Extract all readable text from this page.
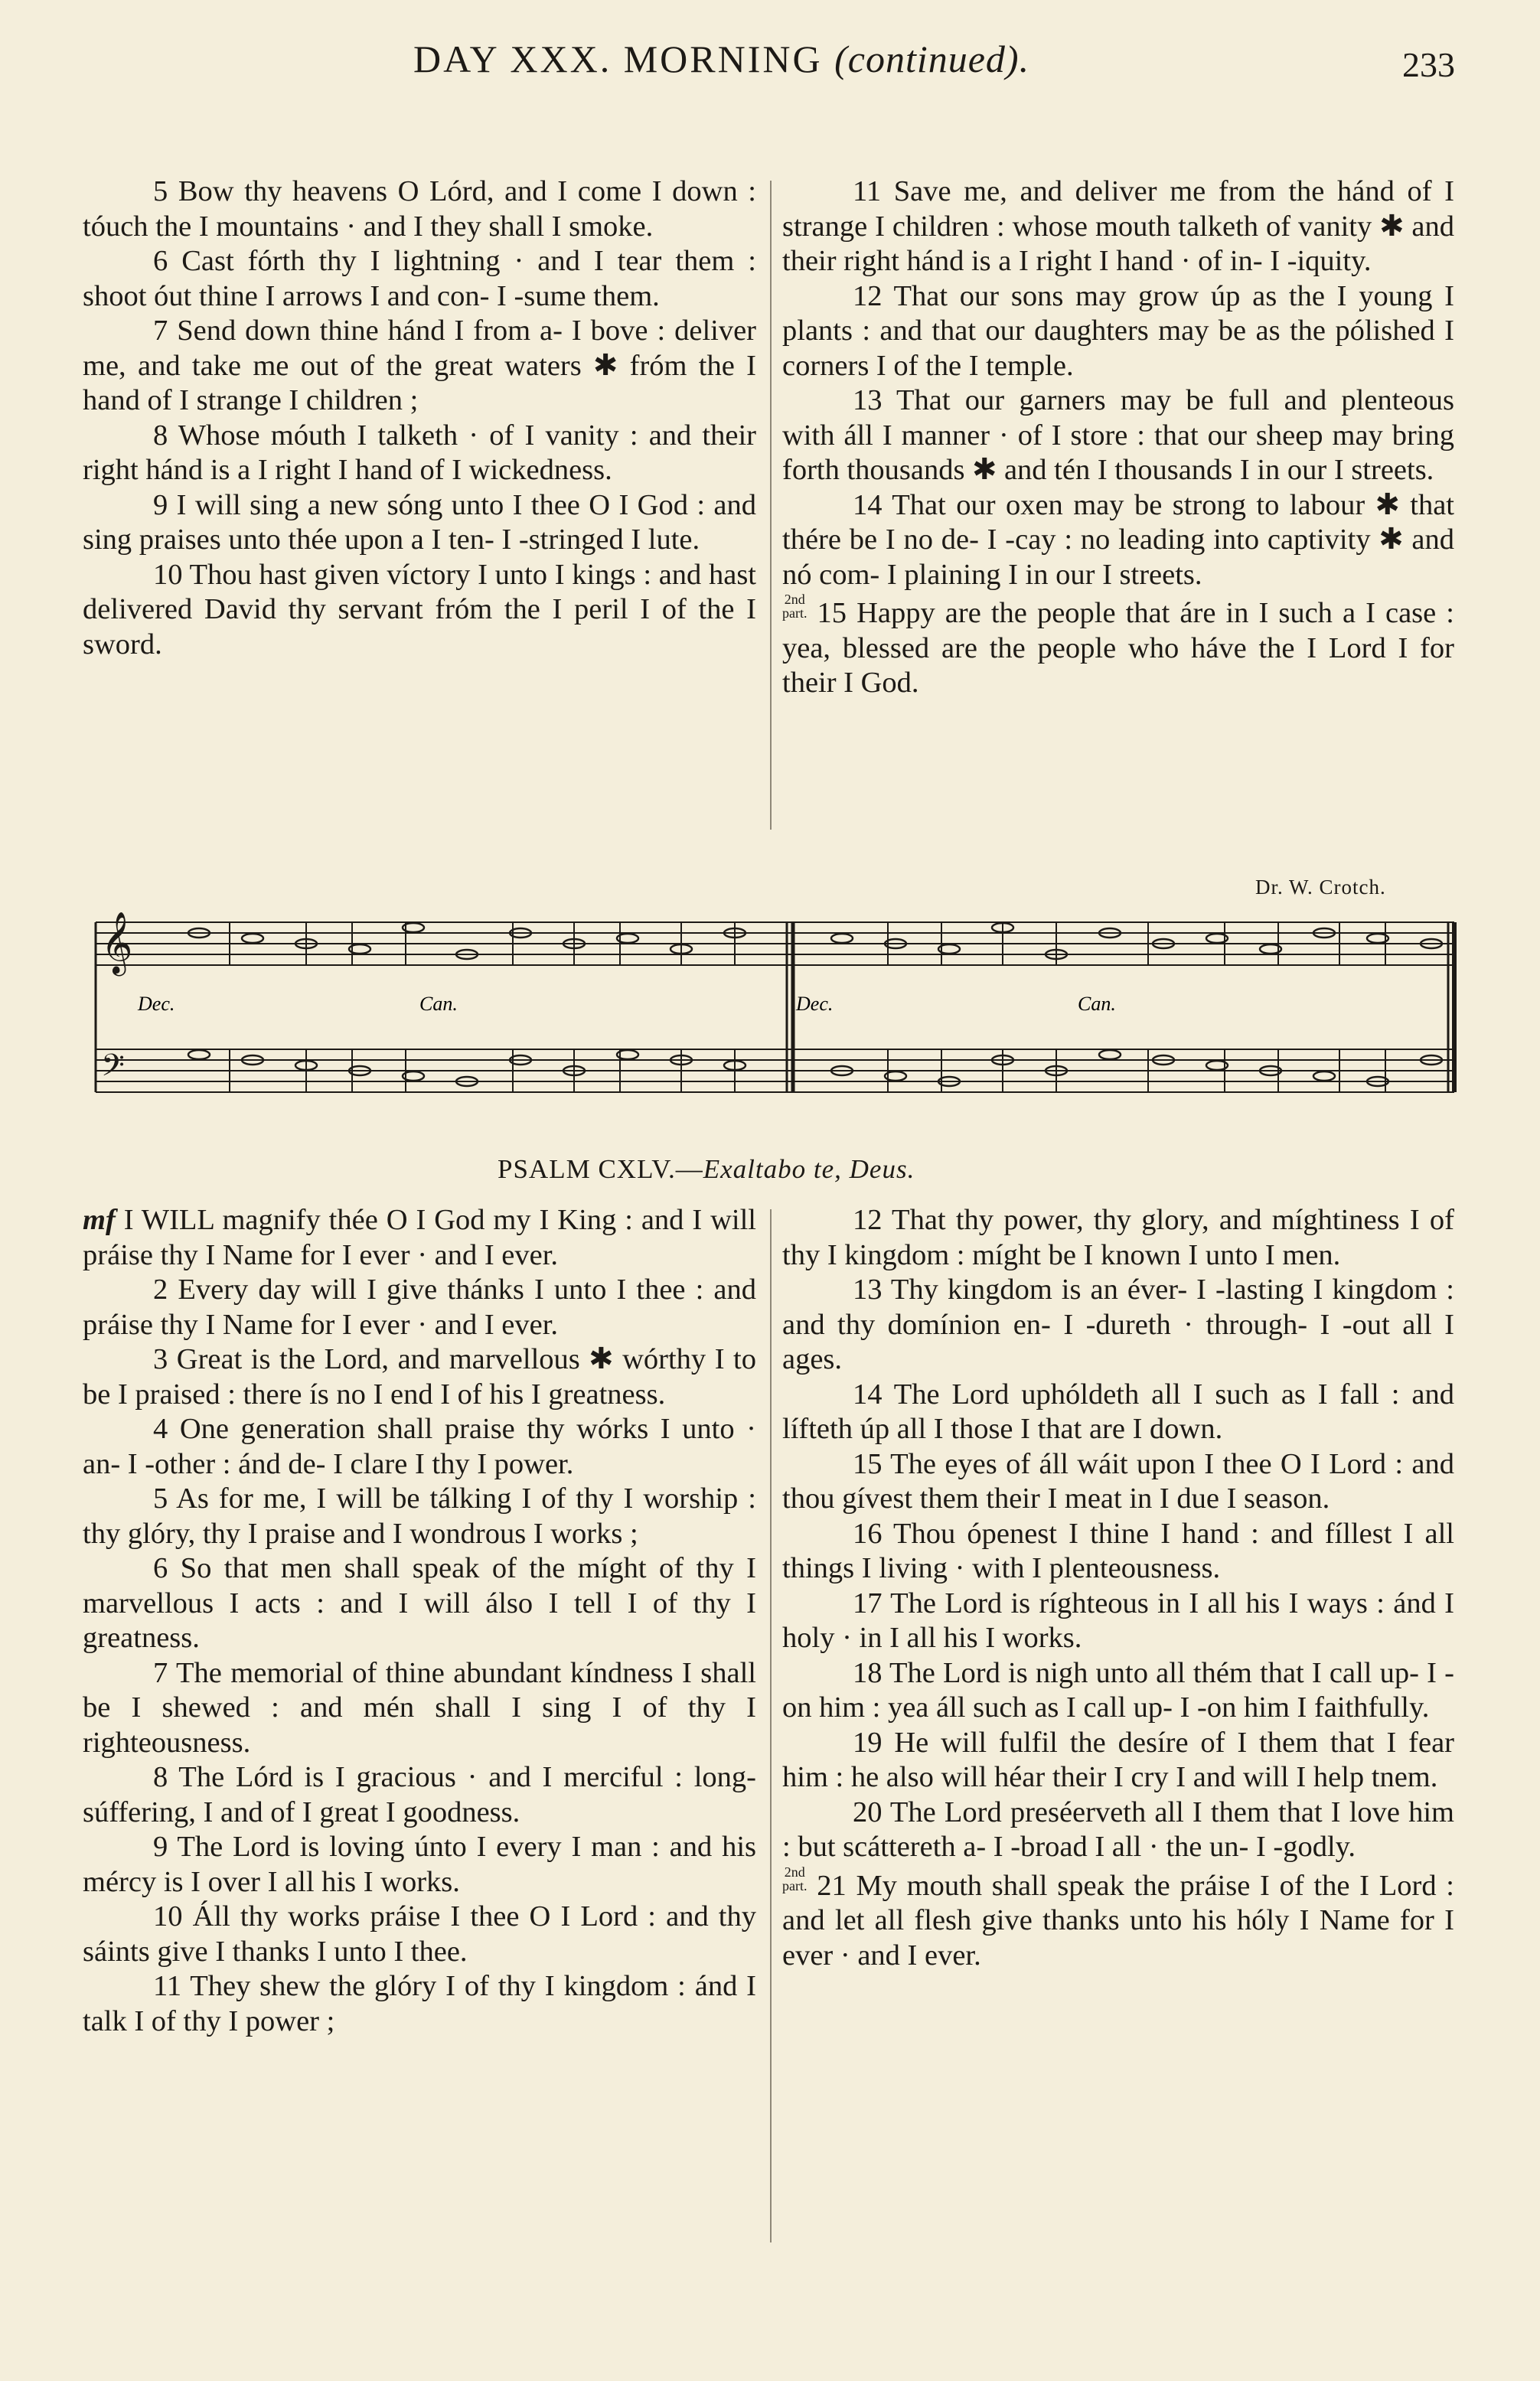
DAY XXX. MORNING (continued).	233

5 Bow thy heavens O Lórd, and I come I down : tóuch the I mountains · and I they shall I smoke.

6 Cast fórth thy I lightning · and I tear them : shoot óut thine I arrows I and con- I -sume them.

7 Send down thine hánd I from a- I bove : deliver me, and take me out of the great waters ✱ fróm the I hand of I strange I children ;

8 Whose móuth I talketh · of I vanity : and their right hánd is a I right I hand of I wickedness.

9 I will sing a new sóng unto I thee O I God : and sing praises unto thée upon a I ten- I -stringed I lute.

10 Thou hast given víctory I unto I kings : and hast delivered David thy servant fróm the I peril I of the I sword.

11 Save me, and deliver me from the hánd of I strange I children : whose mouth talketh of vanity ✱ and their right hánd is a I right I hand · of in- I -iquity.

12 That our sons may grow úp as the I young I plants : and that our daughters may be as the pólished I corners I of the I temple.

13 That our garners may be full and plenteous with áll I manner · of I store : that our sheep may bring forth thousands ✱ and tén I thousands I in our I streets.

14 That our oxen may be strong to labour ✱ that thére be I no de- I -cay : no leading into captivity ✱ and nó com- I plaining I in our I streets.

2nd
part. 15 Happy are the people that áre in I such a I case : yea, blessed are the people who háve the I Lord I for their I God.

Dr. W. Crotch.
𝄞
𝄢
Dec.	Can.	Dec.	Can.
PSALM CXLV.—Exaltabo te, Deus.

mf I WILL magnify thée O I God my I King : and I will práise thy I Name for I ever · and I ever.

2 Every day will I give thánks I unto I thee : and práise thy I Name for I ever · and I ever.

3 Great is the Lord, and marvellous ✱ wórthy I to be I praised : there ís no I end I of his I greatness.

4 One generation shall praise thy wórks I unto · an- I -other : ánd de- I clare I thy I power.

5 As for me, I will be tálking I of thy I worship : thy glóry, thy I praise and I wondrous I works ;

6 So that men shall speak of the míght of thy I marvellous I acts : and I will álso I tell I of thy I greatness.

7 The memorial of thine abundant kíndness I shall be I shewed : and mén shall I sing I of thy I righteousness.

8 The Lórd is I gracious · and I merciful : long-súffering, I and of I great I goodness.

9 The Lord is loving únto I every I man : and his mércy is I over I all his I works.

10 Áll thy works práise I thee O I Lord : and thy sáints give I thanks I unto I thee.

11 They shew the glóry I of thy I kingdom : ánd I talk I of thy I power ;

12 That thy power, thy glory, and míghtiness I of thy I kingdom : míght be I known I unto I men.

13 Thy kingdom is an éver- I -lasting I kingdom : and thy domínion en- I -dureth · through- I -out all I ages.

14 The Lord uphóldeth all I such as I fall : and lífteth úp all I those I that are I down.

15 The eyes of áll wáit upon I thee O I Lord : and thou gívest them their I meat in I due I season.

16 Thou ópenest I thine I hand : and fíllest I all things I living · with I plenteousness.

17 The Lord is ríghteous in I all his I ways : ánd I holy · in I all his I works.

18 The Lord is nigh unto all thém that I call up- I -on him : yea áll such as I call up- I -on him I faithfully.

19 He will fulfil the desíre of I them that I fear him : he also will héar their I cry I and will I help tnem.

20 The Lord preséerveth all I them that I love him : but scáttereth a- I -broad I all · the un- I -godly.

2nd
part. 21 My mouth shall speak the práise I of the I Lord : and let all flesh give thanks unto his hóly I Name for I ever · and I ever.
